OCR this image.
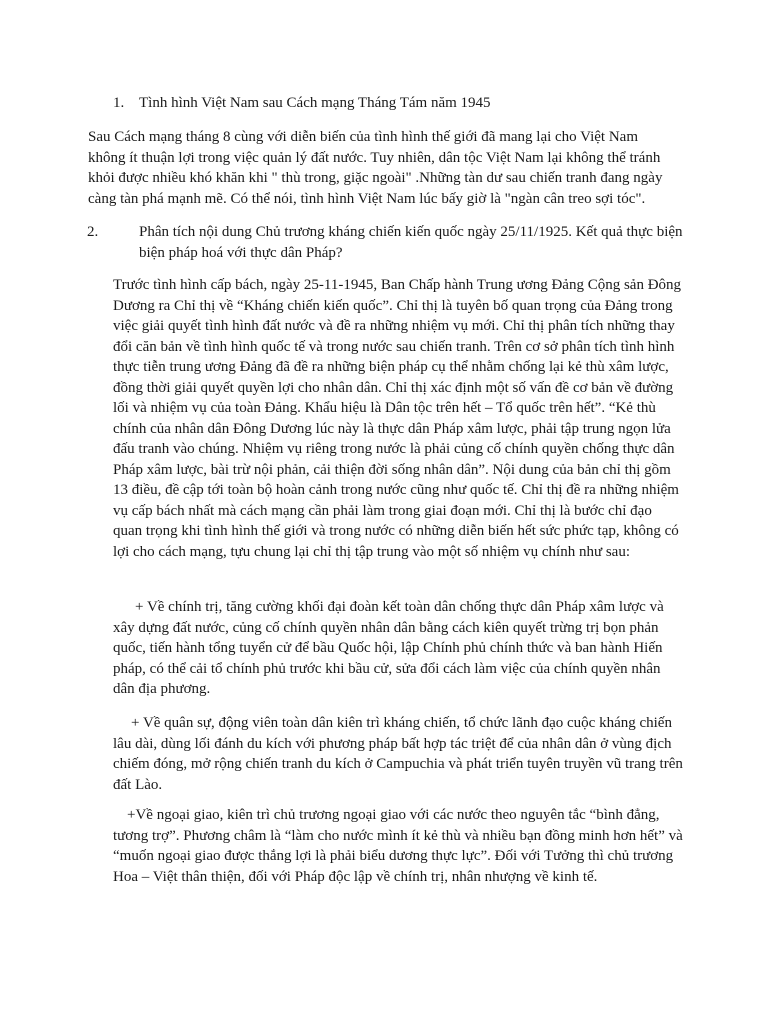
1. Tình hình Việt Nam sau Cách mạng Tháng Tám năm 1945
Sau Cách mạng tháng 8 cùng với diễn biến của tình hình thế giới đã mang lại cho Việt Nam không ít thuận lợi trong việc quản lý đất nước. Tuy nhiên, dân tộc Việt Nam lại không thể tránh khỏi được nhiều khó khăn khi " thù trong, giặc ngoài" .Những tàn dư sau chiến tranh đang ngày càng tàn phá mạnh mẽ. Có thể nói, tình hình Việt Nam lúc bấy giờ là "ngàn cân treo sợi tóc".
2.	Phân tích nội dung Chủ trương kháng chiến kiến quốc ngày 25/11/1925. Kết quả thực biện biện pháp hoá với thực dân Pháp?
Trước tình hình cấp bách, ngày 25-11-1945, Ban Chấp hành Trung ương Đảng Cộng sản Đông Dương ra Chỉ thị về “Kháng chiến kiến quốc”. Chỉ thị là tuyên bố quan trọng của Đảng trong việc giải quyết tình hình đất nước và đề ra những nhiệm vụ mới. Chỉ thị phân tích những thay đổi căn bản về tình hình quốc tế và trong nước sau chiến tranh. Trên cơ sở phân tích tình hình thực tiễn trung ương Đảng đã đề ra những biện pháp cụ thể nhằm chống lại kẻ thù xâm lược, đồng thời giải quyết quyền lợi cho nhân dân. Chỉ thị xác định một số vấn đề cơ bản về đường lối và nhiệm vụ của toàn Đảng. Khẩu hiệu là Dân tộc trên hết – Tổ quốc trên hết”. “Kẻ thù chính của nhân dân Đông Dương lúc này là thực dân Pháp xâm lược, phải tập trung ngọn lửa đấu tranh vào chúng. Nhiệm vụ riêng trong nước là phải củng cố chính quyền chống thực dân Pháp xâm lược, bài trừ nội phản, cải thiện đời sống nhân dân”. Nội dung của bản chỉ thị gồm 13 điều, đề cập tới toàn bộ hoàn cảnh trong nước cũng như quốc tế. Chỉ thị đề ra những nhiệm vụ cấp bách nhất mà cách mạng cần phải làm trong giai đoạn mới. Chỉ thị là bước chỉ đạo quan trọng khi tình hình thế giới và trong nước có những diễn biến hết sức phức tạp, không có lợi cho cách mạng, tựu chung lại chỉ thị tập trung vào một số nhiệm vụ chính như sau:
+ Về chính trị, tăng cường khối đại đoàn kết toàn dân chống thực dân Pháp xâm lược và xây dựng đất nước, củng cố chính quyền nhân dân bằng cách kiên quyết trừng trị bọn phản quốc, tiến hành tổng tuyển cử để bầu Quốc hội, lập Chính phủ chính thức và ban hành Hiến pháp, có thể cải tổ chính phủ trước khi bầu cử, sửa đổi cách làm việc của chính quyền nhân dân địa phương.
+ Về quân sự, động viên toàn dân kiên trì kháng chiến, tổ chức lãnh đạo cuộc kháng chiến lâu dài, dùng lối đánh du kích với phương pháp bất hợp tác triệt để của nhân dân ở vùng địch chiếm đóng, mở rộng chiến tranh du kích ở Campuchia và phát triển tuyên truyền vũ trang trên đất Lào.
+Về ngoại giao, kiên trì chủ trương ngoại giao với các nước theo nguyên tắc “bình đẳng, tương trợ”. Phương châm là “làm cho nước mình ít kẻ thù và nhiều bạn đồng minh hơn hết” và “muốn ngoại giao được thắng lợi là phải biểu dương thực lực”. Đối với Tưởng thì chủ trương Hoa – Việt thân thiện, đối với Pháp độc lập về chính trị, nhân nhượng về kinh tế.
